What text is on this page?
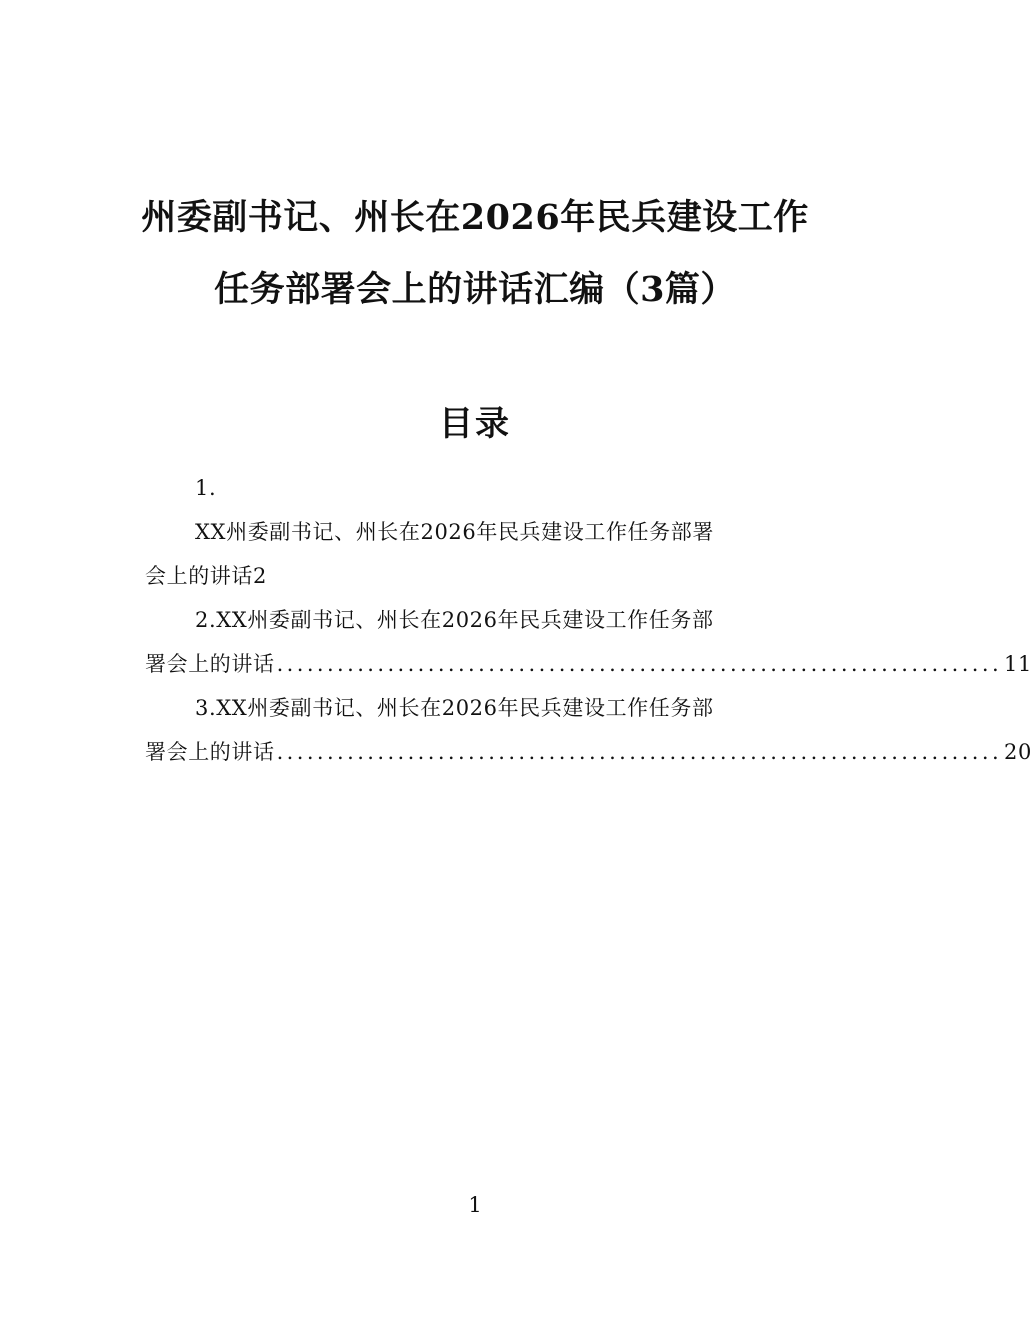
州委副书记、州长在2026年民兵建设工作
任务部署会上的讲话汇编（3篇）
目录
1.
XX州委副书记、州长在2026年民兵建设工作任务部署
会上的讲话2
2.XX州委副书记、州长在2026年民兵建设工作任务部
署会上的讲话 ........................................................................ 11
3.XX州委副书记、州长在2026年民兵建设工作任务部
署会上的讲话 ........................................................................ 20
1
